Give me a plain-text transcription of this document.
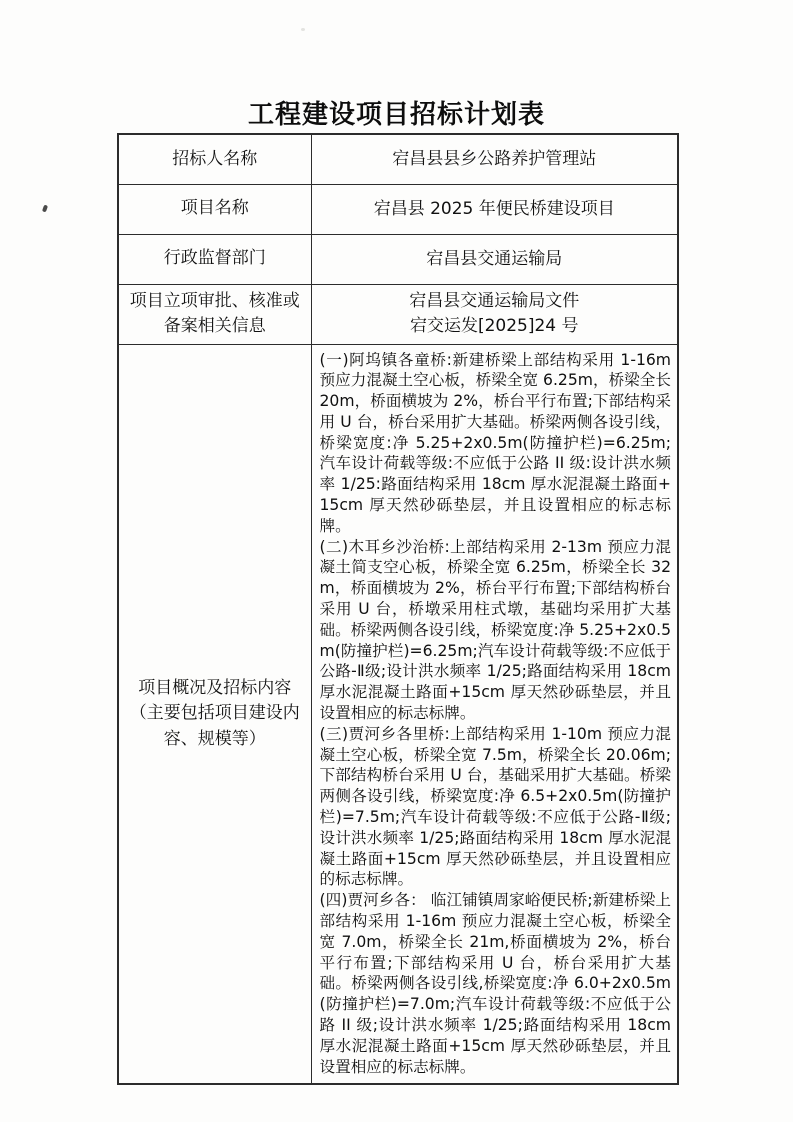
工程建设项目招标计划表
招标人名称	宕昌县县乡公路养护管理站
项目名称	宕昌县 2025 年便民桥建设项目
行政监督部门	宕昌县交通运输局
项目立项审批、核准或备案相关信息	宕昌县交通运输局文件
宕交运发[2025]24 号

项目概况及招标内容（主要包括项目建设内容、规模等）	(一)阿坞镇各童桥:新建桥梁上部结构采用 1-16m 预应力混凝土空心板，桥梁全宽 6.25m，桥梁全长 20m，桥面横坡为 2%，桥台平行布置;下部结构采用 U 台，桥台采用扩大基础。桥梁两侧各设引线，桥梁宽度:净 5.25+2x0.5m(防撞护栏)=6.25m;汽车设计荷载等级:不应低于公路 II 级:设计洪水频率 1/25:路面结构采用 18cm 厚水泥混凝土路面+15cm 厚天然砂砾垫层，并且设置相应的标志标牌。

(二)木耳乡沙治桥:上部结构采用 2-13m 预应力混凝土简支空心板，桥梁全宽 6.25m，桥梁全长 32m，桥面横坡为 2%，桥台平行布置;下部结构桥台采用 U 台，桥墩采用柱式墩，基础均采用扩大基础。桥梁两侧各设引线，桥梁宽度:净 5.25+2x0.5m(防撞护栏)=6.25m;汽车设计荷载等级:不应低于公路-Ⅱ级;设计洪水频率 1/25;路面结构采用 18cm 厚水泥混凝土路面+15cm 厚天然砂砾垫层，并且设置相应的标志标牌。

(三)贾河乡各里桥:上部结构采用 1-10m 预应力混凝土空心板，桥梁全宽 7.5m，桥梁全长 20.06m;下部结构桥台采用 U 台，基础采用扩大基础。桥梁两侧各设引线，桥梁宽度:净 6.5+2x0.5m(防撞护栏)=7.5m;汽车设计荷载等级:不应低于公路-Ⅱ级;设计洪水频率 1/25;路面结构采用 18cm 厚水泥混凝土路面+15cm 厚天然砂砾垫层，并且设置相应的标志标牌。

(四)贾河乡各： 临江铺镇周家峪便民桥;新建桥梁上部结构采用 1-16m 预应力混凝土空心板，桥梁全宽 7.0m，桥梁全长 21m,桥面横坡为 2%，桥台平行布置;下部结构采用 U 台，桥台采用扩大基础。桥梁两侧各设引线,桥梁宽度:净 6.0+2x0.5m(防撞护栏)=7.0m;汽车设计荷载等级:不应低于公路 II 级;设计洪水频率 1/25;路面结构采用 18cm 厚水泥混凝土路面+15cm 厚天然砂砾垫层，并且设置相应的标志标牌。
